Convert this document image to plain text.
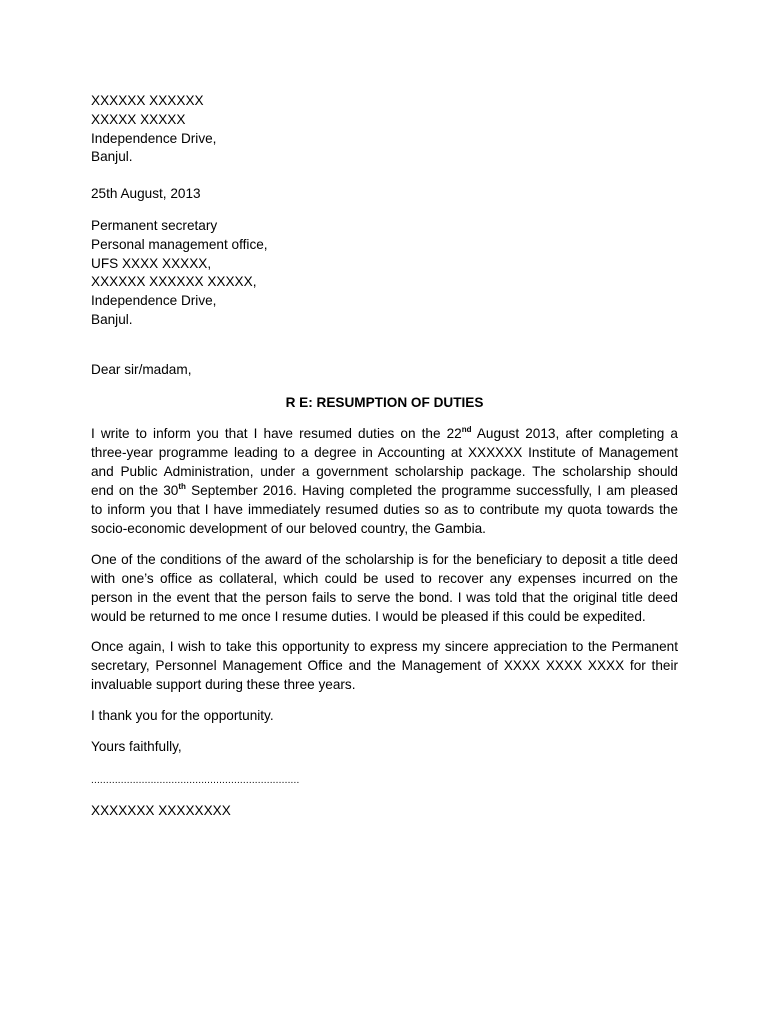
XXXXXX XXXXXX
XXXXX XXXXX
Independence Drive,
Banjul.
25th August, 2013
Permanent secretary
Personal management office,
UFS XXXX XXXXX,
XXXXXX XXXXXX XXXXX,
Independence Drive,
Banjul.
Dear sir/madam,
R E: RESUMPTION OF DUTIES
I write to inform you that I have resumed duties on the 22nd August 2013, after completing a
three-year programme leading to a degree in Accounting at XXXXXX Institute of Management
and Public Administration, under a government scholarship package. The scholarship should
end on the 30th September 2016. Having completed the programme successfully, I am pleased
to inform you that I have immediately resumed duties so as to contribute my quota towards the
socio-economic development of our beloved country, the Gambia.
One of the conditions of the award of the scholarship is for the beneficiary to deposit a title deed
with one’s office as collateral, which could be used to recover any expenses incurred on the
person in the event that the person fails to serve the bond. I was told that the original title deed
would be returned to me once I resume duties. I would be pleased if this could be expedited.
Once again, I wish to take this opportunity to express my sincere appreciation to the Permanent
secretary, Personnel Management Office and the Management of XXXX XXXX XXXX for their
invaluable support during these three years.
I thank you for the opportunity.
Yours faithfully,
......................................................................
XXXXXXX XXXXXXXX
